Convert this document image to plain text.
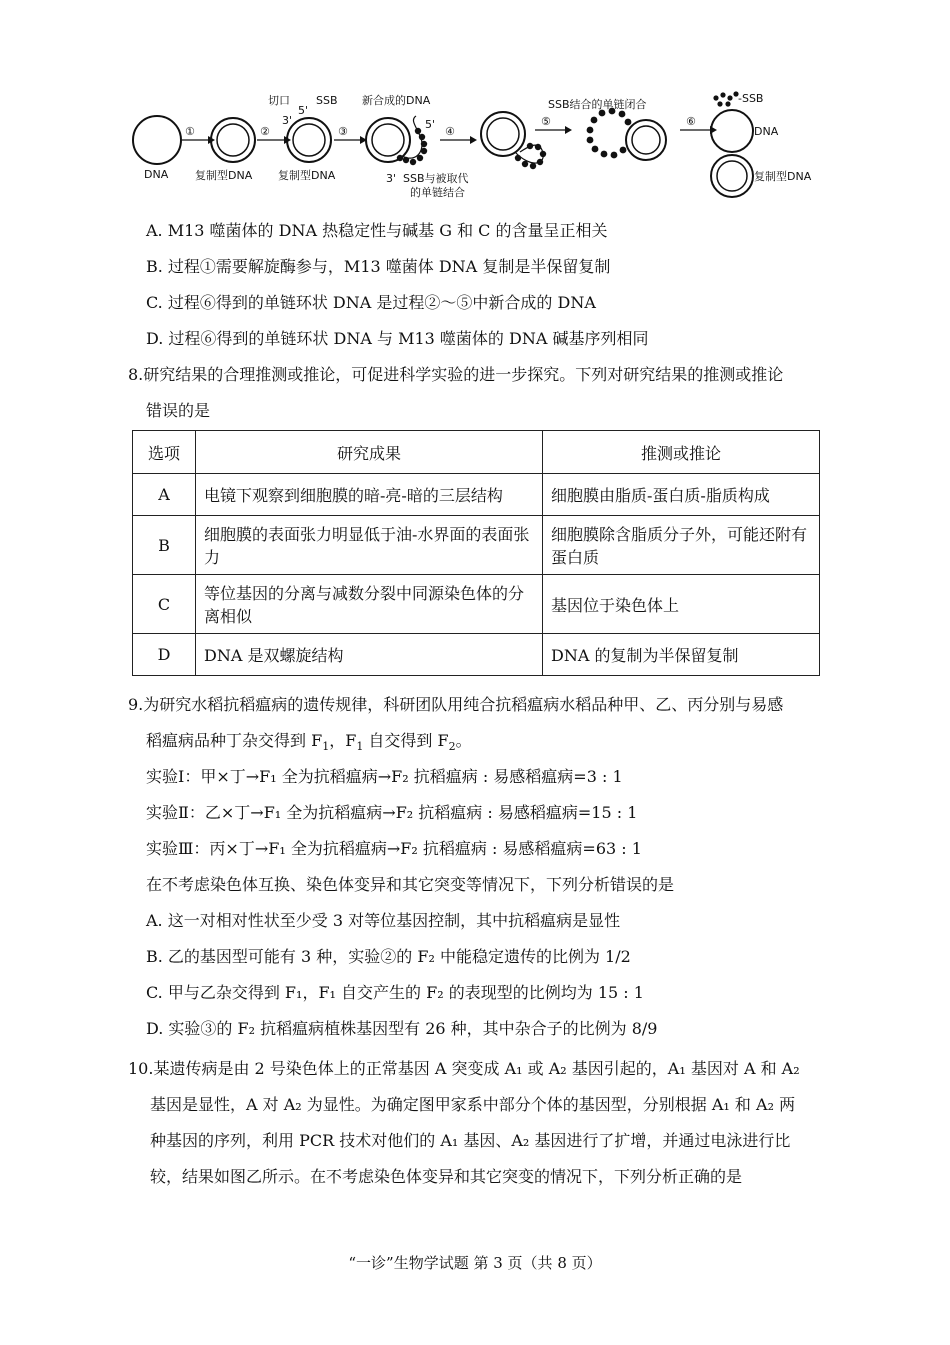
DNA
①
复制型DNA
②
切口
5'
3'
SSB
复制型DNA
③
新合成的DNA
5'
3' SSB与被取代
的单链结合
④
⑤
SSB结合的单链闭合
⑥
-SSB
DNA
复制型DNA
A. M13 噬菌体的 DNA 热稳定性与碱基 G 和 C 的含量呈正相关
B. 过程①需要解旋酶参与，M13 噬菌体 DNA 复制是半保留复制
C. 过程⑥得到的单链环状 DNA 是过程②～⑤中新合成的 DNA
D. 过程⑥得到的单链环状 DNA 与 M13 噬菌体的 DNA 碱基序列相同
8.研究结果的合理推测或推论，可促进科学实验的进一步探究。下列对研究结果的推测或推论
错误的是
选项	研究成果	推测或推论
A	电镜下观察到细胞膜的暗-亮-暗的三层结构	细胞膜由脂质-蛋白质-脂质构成
B	细胞膜的表面张力明显低于油-水界面的表面张力	细胞膜除含脂质分子外，可能还附有蛋白质
C	等位基因的分离与减数分裂中同源染色体的分离相似	基因位于染色体上
D	DNA 是双螺旋结构	DNA 的复制为半保留复制
9.为研究水稻抗稻瘟病的遗传规律，科研团队用纯合抗稻瘟病水稻品种甲、乙、丙分别与易感
稻瘟病品种丁杂交得到 $F_1$，$F_1$ 自交得到 $F_2$。
实验Ⅰ：甲×丁→F₁ 全为抗稻瘟病→F₂ 抗稻瘟病 : 易感稻瘟病=3 : 1
实验Ⅱ：乙×丁→F₁ 全为抗稻瘟病→F₂ 抗稻瘟病 : 易感稻瘟病=15 : 1
实验Ⅲ：丙×丁→F₁ 全为抗稻瘟病→F₂ 抗稻瘟病 : 易感稻瘟病=63 : 1
在不考虑染色体互换、染色体变异和其它突变等情况下，下列分析错误的是
A. 这一对相对性状至少受 3 对等位基因控制，其中抗稻瘟病是显性
B. 乙的基因型可能有 3 种，实验②的 F₂ 中能稳定遗传的比例为 1/2
C. 甲与乙杂交得到 F₁，F₁ 自交产生的 F₂ 的表现型的比例均为 15 : 1
D. 实验③的 F₂ 抗稻瘟病植株基因型有 26 种，其中杂合子的比例为 8/9
10.某遗传病是由 2 号染色体上的正常基因 A 突变成 A₁ 或 A₂ 基因引起的，A₁ 基因对 A 和 A₂
基因是显性，A 对 A₂ 为显性。为确定图甲家系中部分个体的基因型，分别根据 A₁ 和 A₂ 两
种基因的序列，利用 PCR 技术对他们的 A₁ 基因、A₂ 基因进行了扩增，并通过电泳进行比
较，结果如图乙所示。在不考虑染色体变异和其它突变的情况下，下列分析正确的是
“一诊”生物学试题 第 3 页（共 8 页）
